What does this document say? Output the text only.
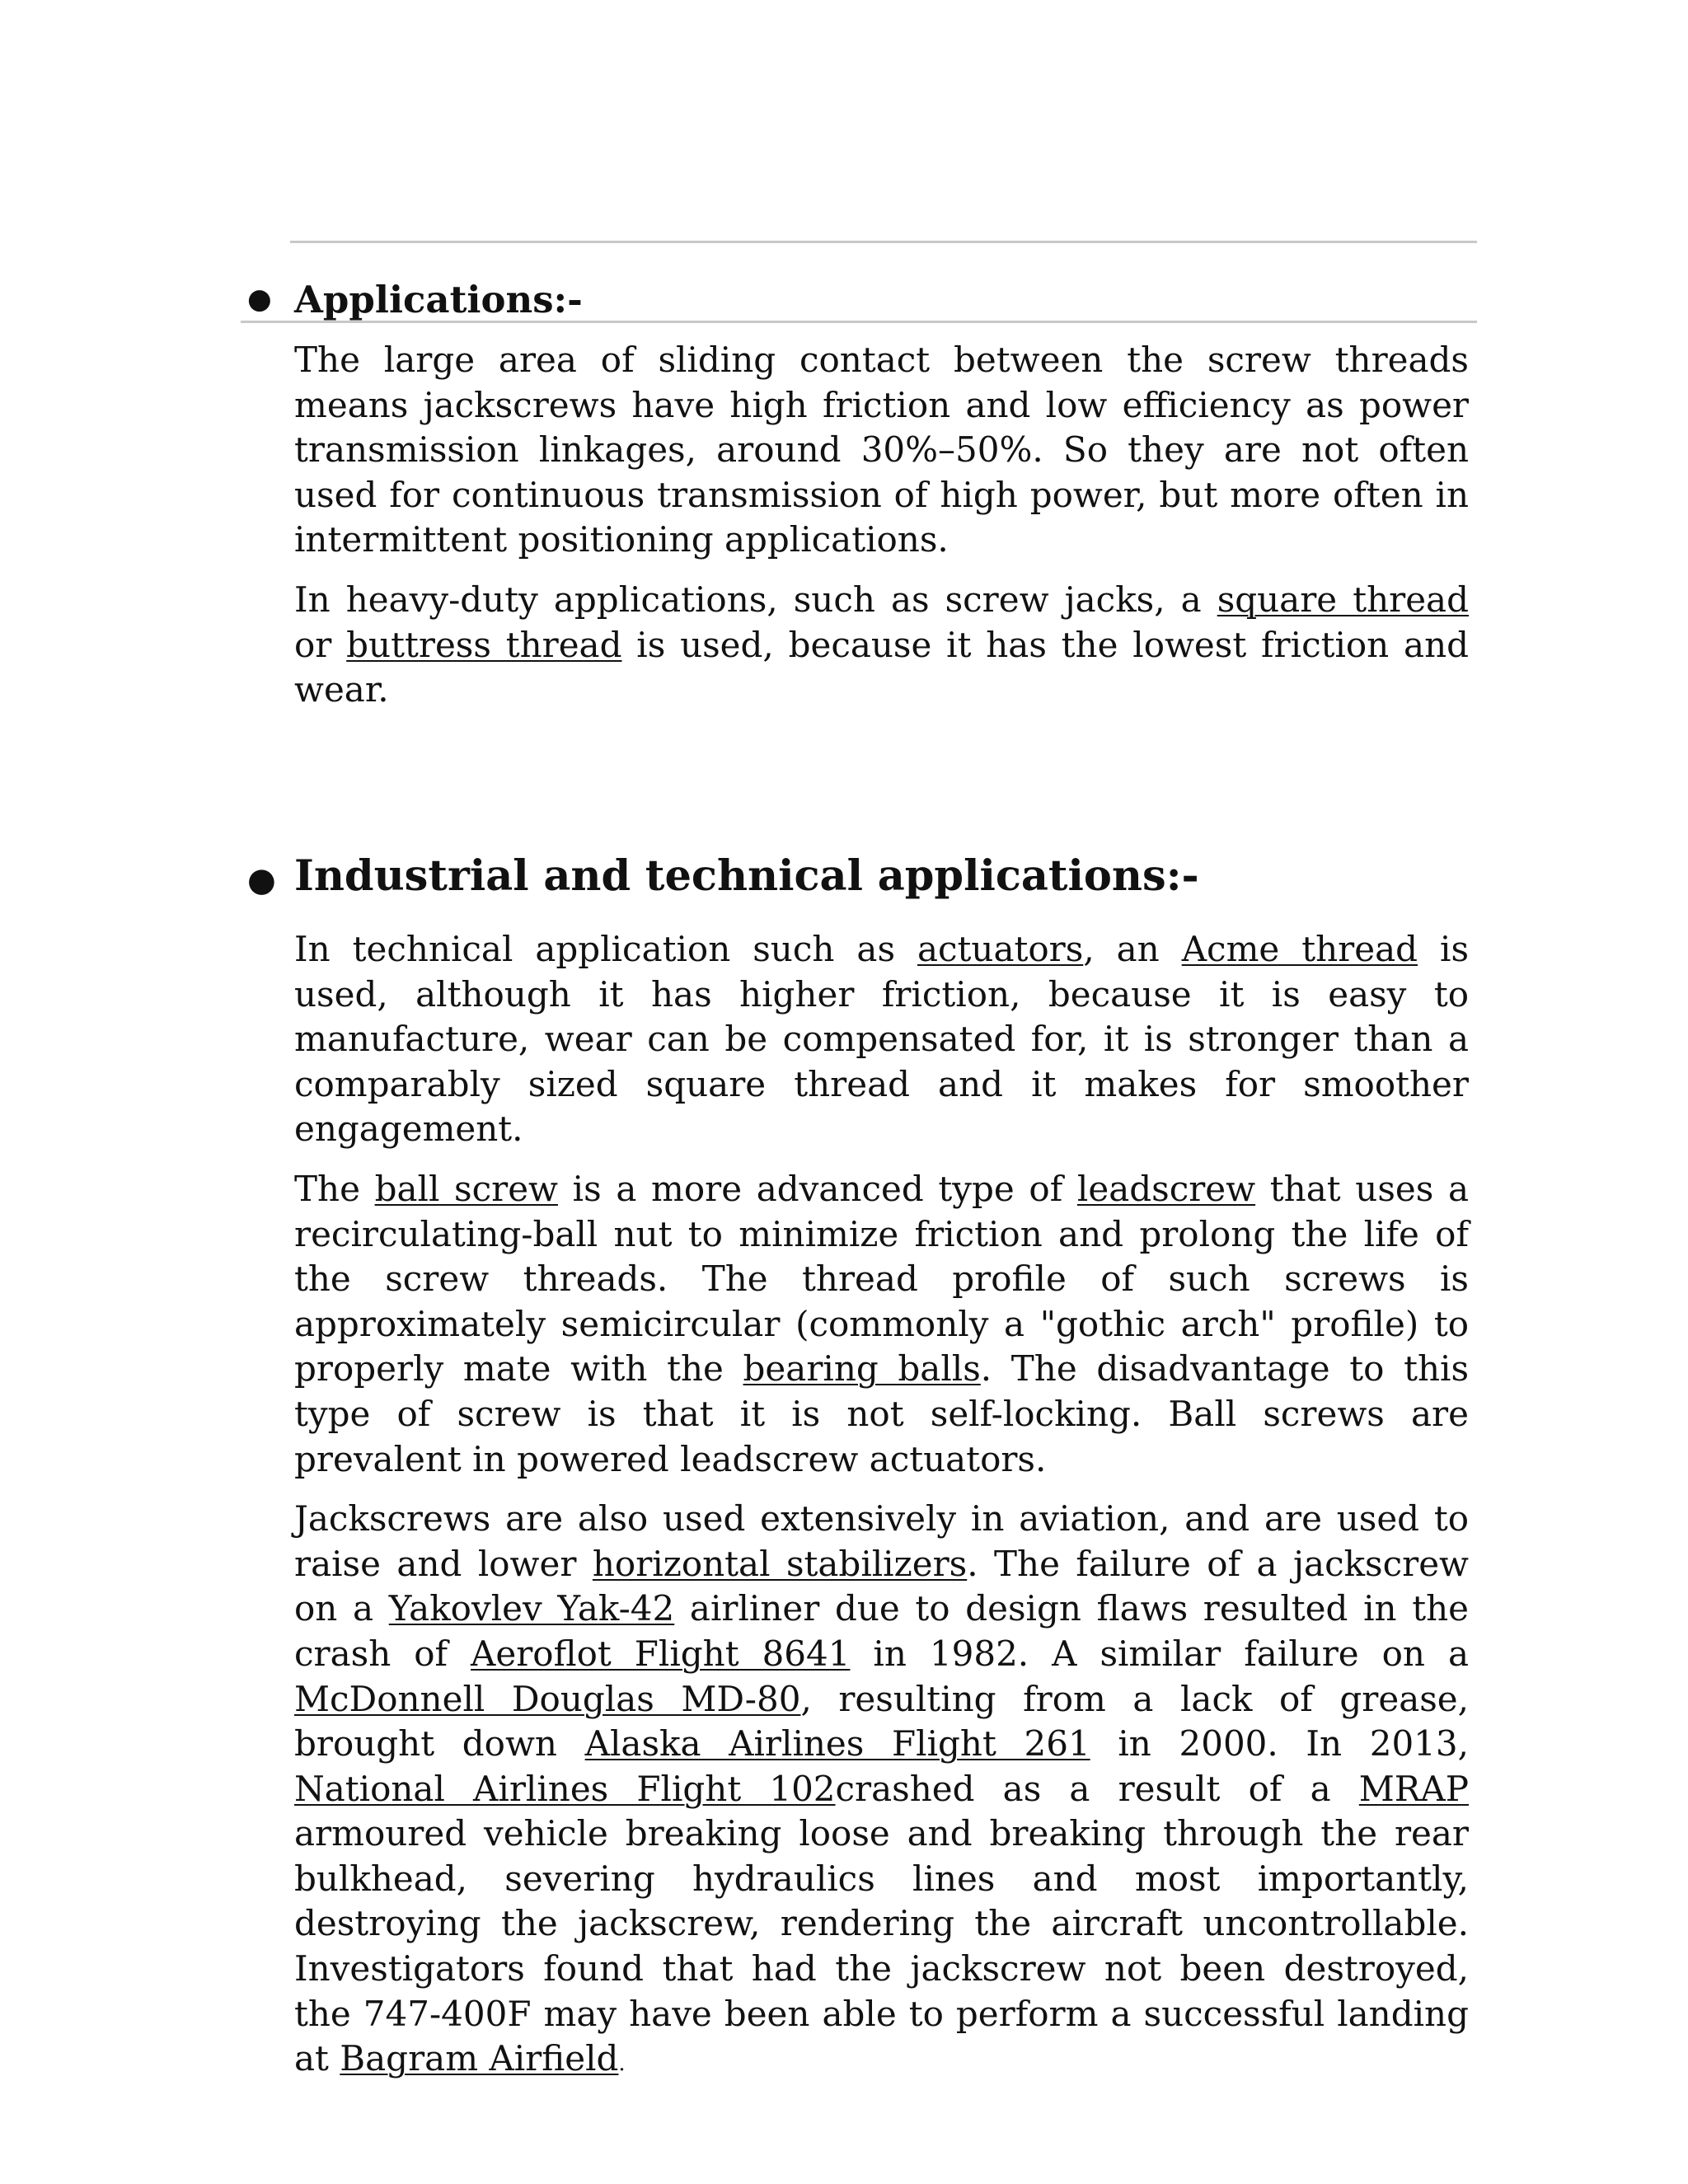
● Applications:-

The large area of sliding contact between the screw threads means jackscrews have high friction and low efficiency as power transmission linkages, around 30%–50%. So they are not often used for continuous transmission of high power, but more often in intermittent positioning applications.

In heavy-duty applications, such as screw jacks, a square thread or buttress thread is used, because it has the lowest friction and wear.

● Industrial and technical applications:-

In technical application such as actuators, an Acme thread is used, although it has higher friction, because it is easy to manufacture, wear can be compensated for, it is stronger than a comparably sized square thread and it makes for smoother engagement.

The ball screw is a more advanced type of leadscrew that uses a recirculating-ball nut to minimize friction and prolong the life of the screw threads. The thread profile of such screws is approximately semicircular (commonly a "gothic arch" profile) to properly mate with the bearing balls. The disadvantage to this type of screw is that it is not self-locking. Ball screws are prevalent in powered leadscrew actuators.

Jackscrews are also used extensively in aviation, and are used to raise and lower horizontal stabilizers. The failure of a jackscrew on a Yakovlev Yak-42 airliner due to design flaws resulted in the crash of Aeroflot Flight 8641 in 1982. A similar failure on a McDonnell Douglas MD-80, resulting from a lack of grease, brought down Alaska Airlines Flight 261 in 2000. In 2013, National Airlines Flight 102crashed as a result of a MRAP armoured vehicle breaking loose and breaking through the rear bulkhead, severing hydraulics lines and most importantly, destroying the jackscrew, rendering the aircraft uncontrollable. Investigators found that had the jackscrew not been destroyed, the 747-400F may have been able to perform a successful landing at Bagram Airfield.
